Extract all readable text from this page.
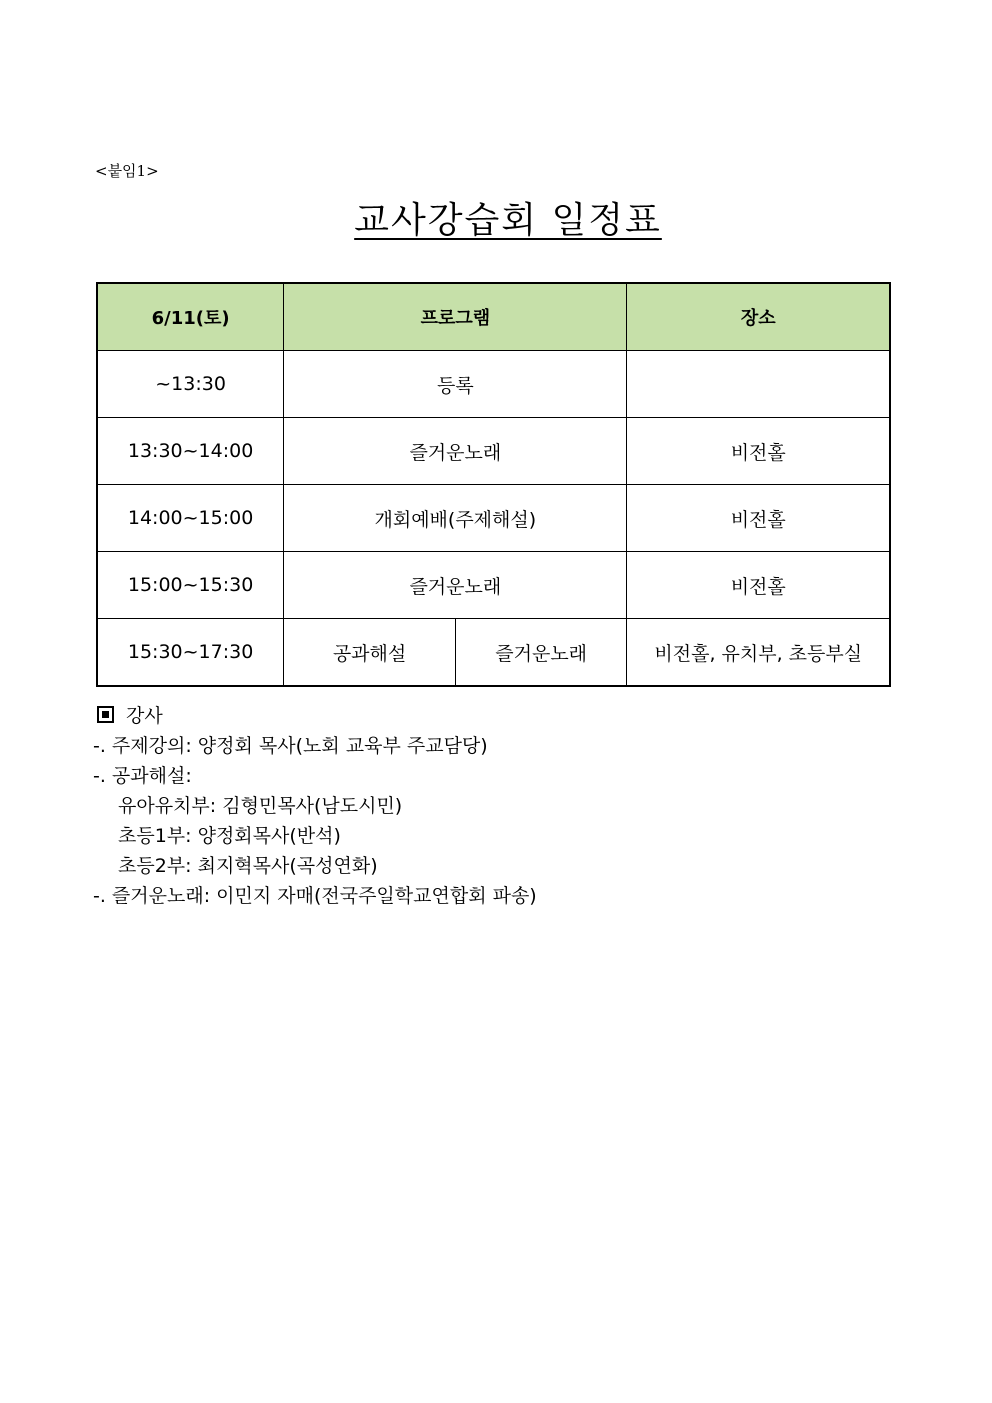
<붙임1>
교사강습회 일정표
6/11(토)	프로그램		장소
~13:30	등록		
13:30~14:00	즐거운노래		비전홀
14:00~15:00	개회예배(주제해설)		비전홀
15:00~15:30	즐거운노래		비전홀
15:30~17:30	공과해설	즐거운노래	비전홀, 유치부, 초등부실
강사
-. 주제강의: 양정회 목사(노회 교육부 주교담당)
-. 공과해설:
유아유치부: 김형민목사(남도시민)
초등1부: 양정회목사(반석)
초등2부: 최지혁목사(곡성연화)
-. 즐거운노래: 이민지 자매(전국주일학교연합회 파송)
